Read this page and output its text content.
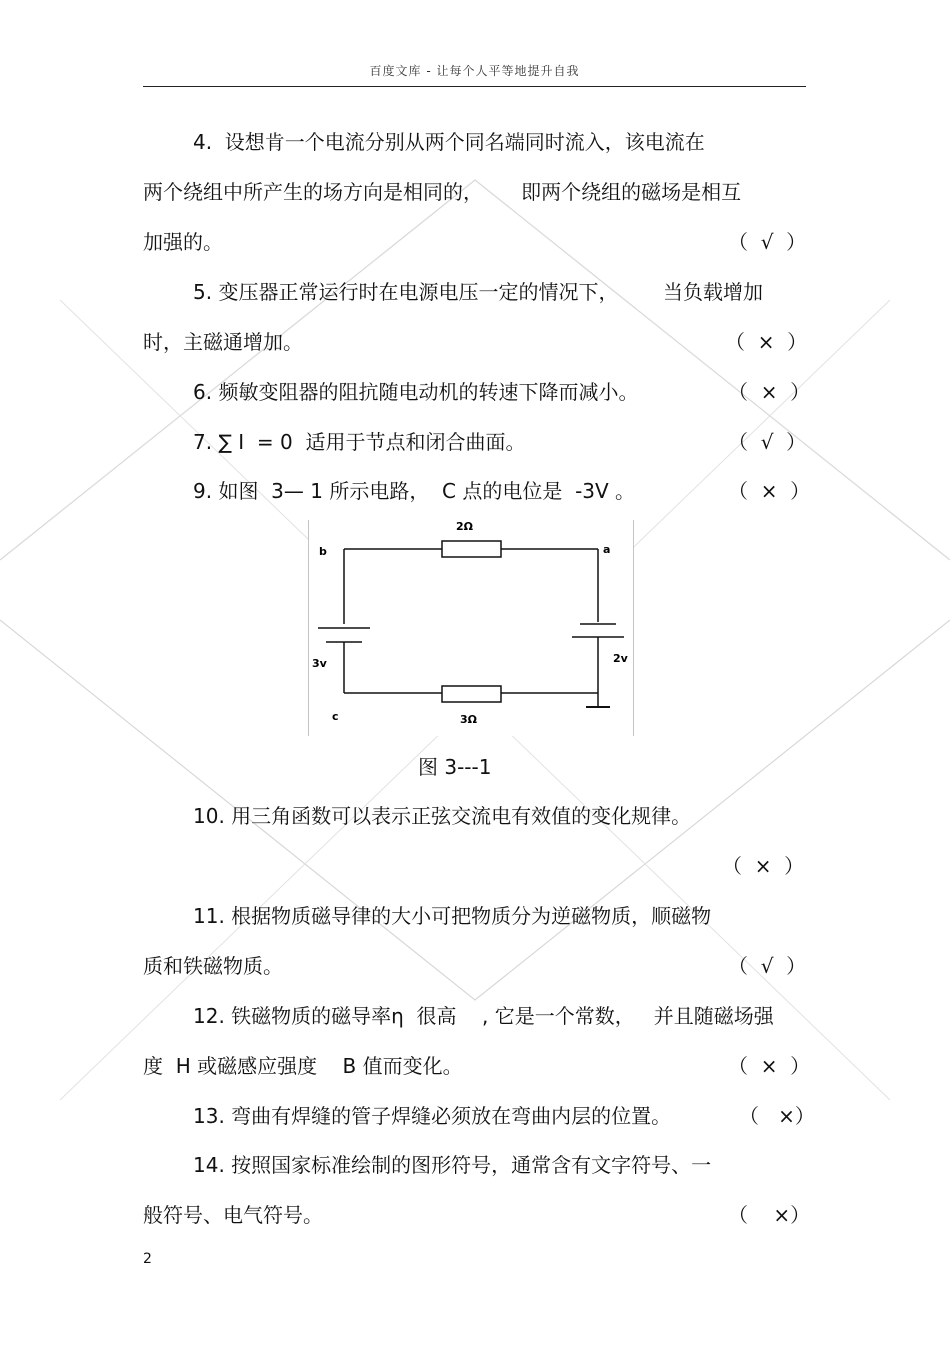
百度文库 - 让每个人平等地提升自我
4.  设想肯一个电流分别从两个同名端同时流入，该电流在
两个绕组中所产生的场方向是相同的，      即两个绕组的磁场是相互
加强的。	（  √  ）
5. 变压器正常运行时在电源电压一定的情况下，       当负载增加
时，主磁通增加。	（  ×  ）
6. 频敏变阻器的阻抗随电动机的转速下降而减小。	（  ×  ）
7. ∑ I  = 0  适用于节点和闭合曲面。	（  √  ）
9. 如图  3— 1 所示电路，  C 点的电位是  -3V 。	（  ×  ）
b	a
c
2Ω
3Ω
3v	2v
图 3---1
10. 用三角函数可以表示正弦交流电有效值的变化规律。
（  ×  ）
11. 根据物质磁导律的大小可把物质分为逆磁物质，顺磁物
质和铁磁物质。	（  √  ）
12. 铁磁物质的磁导率η  很高    , 它是一个常数，   并且随磁场强
度  H 或磁感应强度    B 值而变化。	（  ×  ）
13. 弯曲有焊缝的管子焊缝必须放在弯曲内层的位置。	（   ×）
14. 按照国家标准绘制的图形符号，通常含有文字符号、一
般符号、电气符号。	（    ×）
2
